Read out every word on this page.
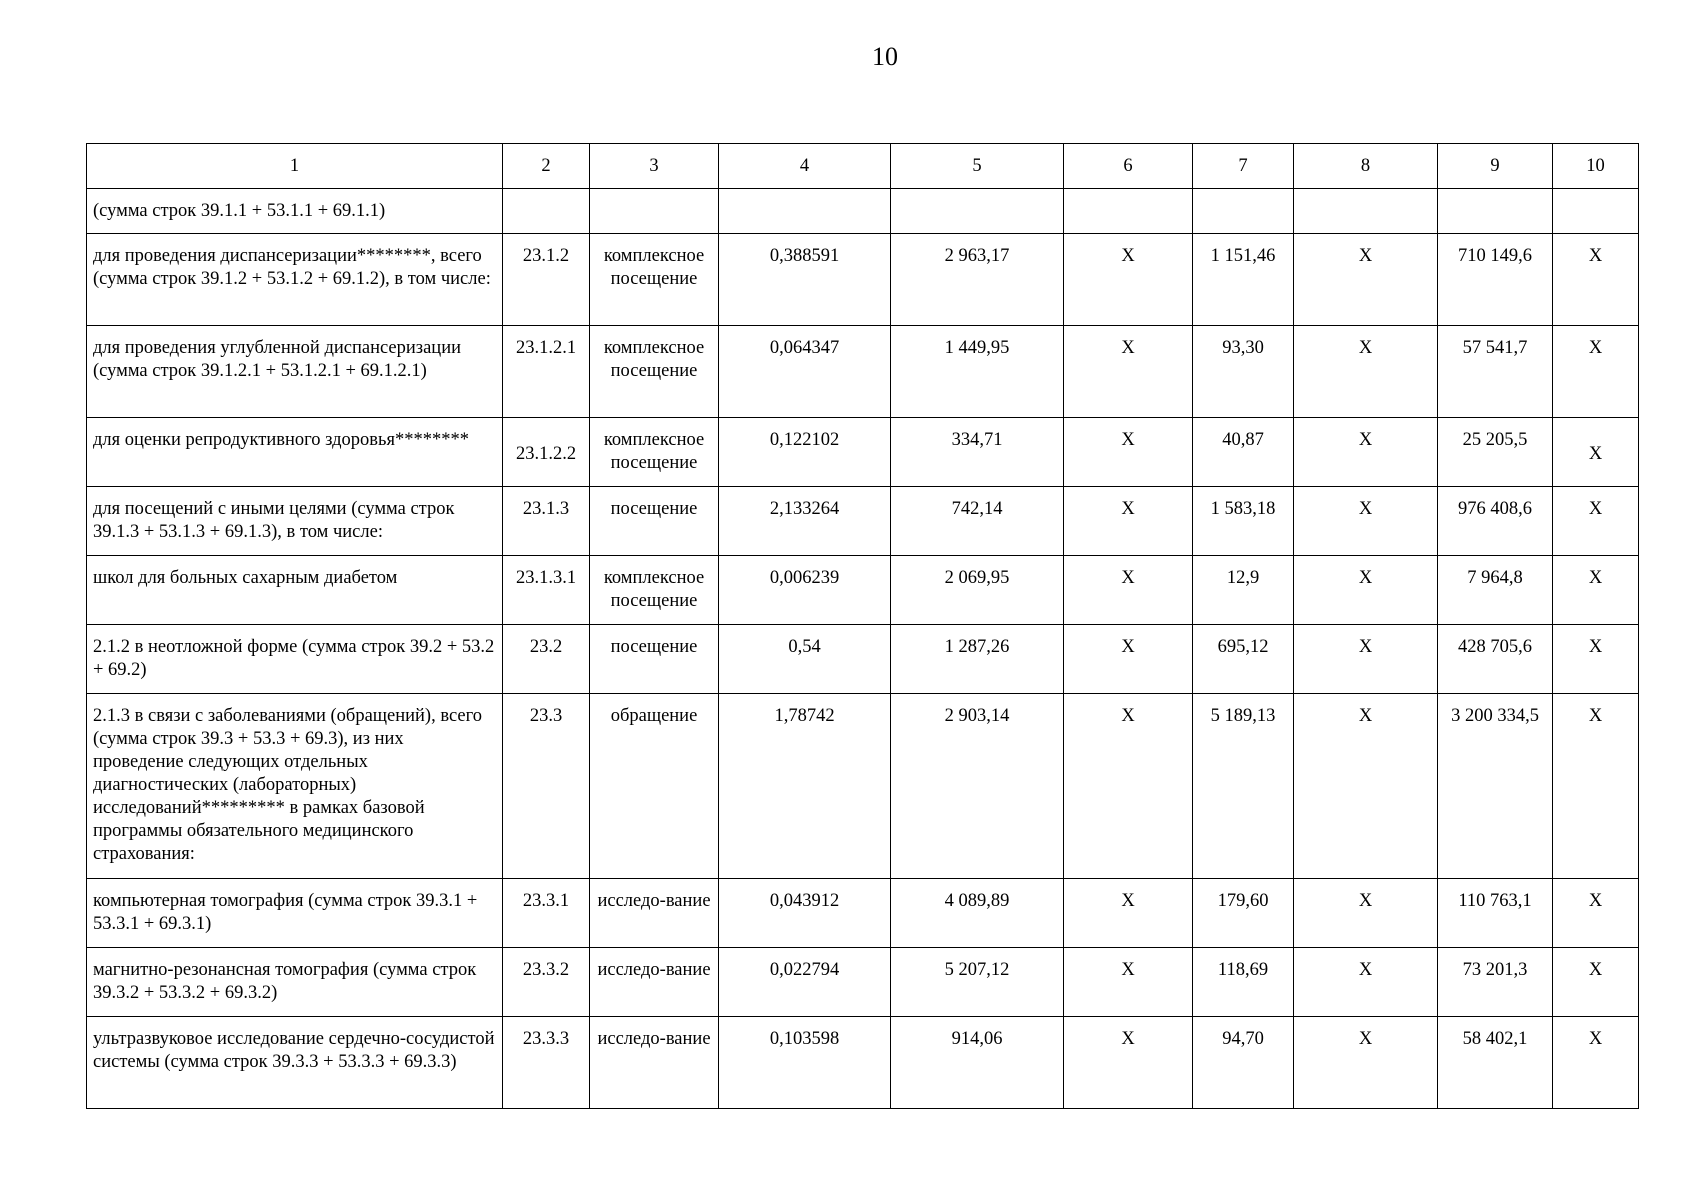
10
1	2	3	4	5	6	7	8	9	10
(сумма строк 39.1.1 + 53.1.1 + 69.1.1)									
для проведения диспансеризации********, всего (сумма строк 39.1.2 + 53.1.2 + 69.1.2), в том числе:	23.1.2	комплексное посещение	0,388591	2 963,17	Х	1 151,46	Х	710 149,6	Х
для проведения углубленной диспансеризации (сумма строк 39.1.2.1 + 53.1.2.1 + 69.1.2.1)	23.1.2.1	комплексное посещение	0,064347	1 449,95	Х	93,30	Х	57 541,7	Х
для оценки репродуктивного здоровья********	23.1.2.2	комплексное посещение	0,122102	334,71	Х	40,87	Х	25 205,5	Х
для посещений с иными целями (сумма строк 39.1.3 + 53.1.3 + 69.1.3), в том числе:	23.1.3	посещение	2,133264	742,14	Х	1 583,18	Х	976 408,6	Х
школ для больных сахарным диабетом	23.1.3.1	комплексное посещение	0,006239	2 069,95	Х	12,9	Х	7 964,8	Х
2.1.2 в неотложной форме (сумма строк 39.2 + 53.2 + 69.2)	23.2	посещение	0,54	1 287,26	Х	695,12	Х	428 705,6	Х
2.1.3 в связи с заболеваниями (обращений), всего (сумма строк 39.3 + 53.3 + 69.3), из них проведение следующих отдельных диагностических (лабораторных) исследований********* в рамках базовой программы обязательного медицинского страхования:	23.3	обращение	1,78742	2 903,14	Х	5 189,13	Х	3 200 334,5	Х
компьютерная томография (сумма строк 39.3.1 + 53.3.1 + 69.3.1)	23.3.1	исследо-вание	0,043912	4 089,89	Х	179,60	Х	110 763,1	Х
магнитно-резонансная томография (сумма строк 39.3.2 + 53.3.2 + 69.3.2)	23.3.2	исследо-вание	0,022794	5 207,12	Х	118,69	Х	73 201,3	Х
ультразвуковое исследование сердечно-сосудистой системы (сумма строк 39.3.3 + 53.3.3 + 69.3.3)	23.3.3	исследо-вание	0,103598	914,06	Х	94,70	Х	58 402,1	Х
